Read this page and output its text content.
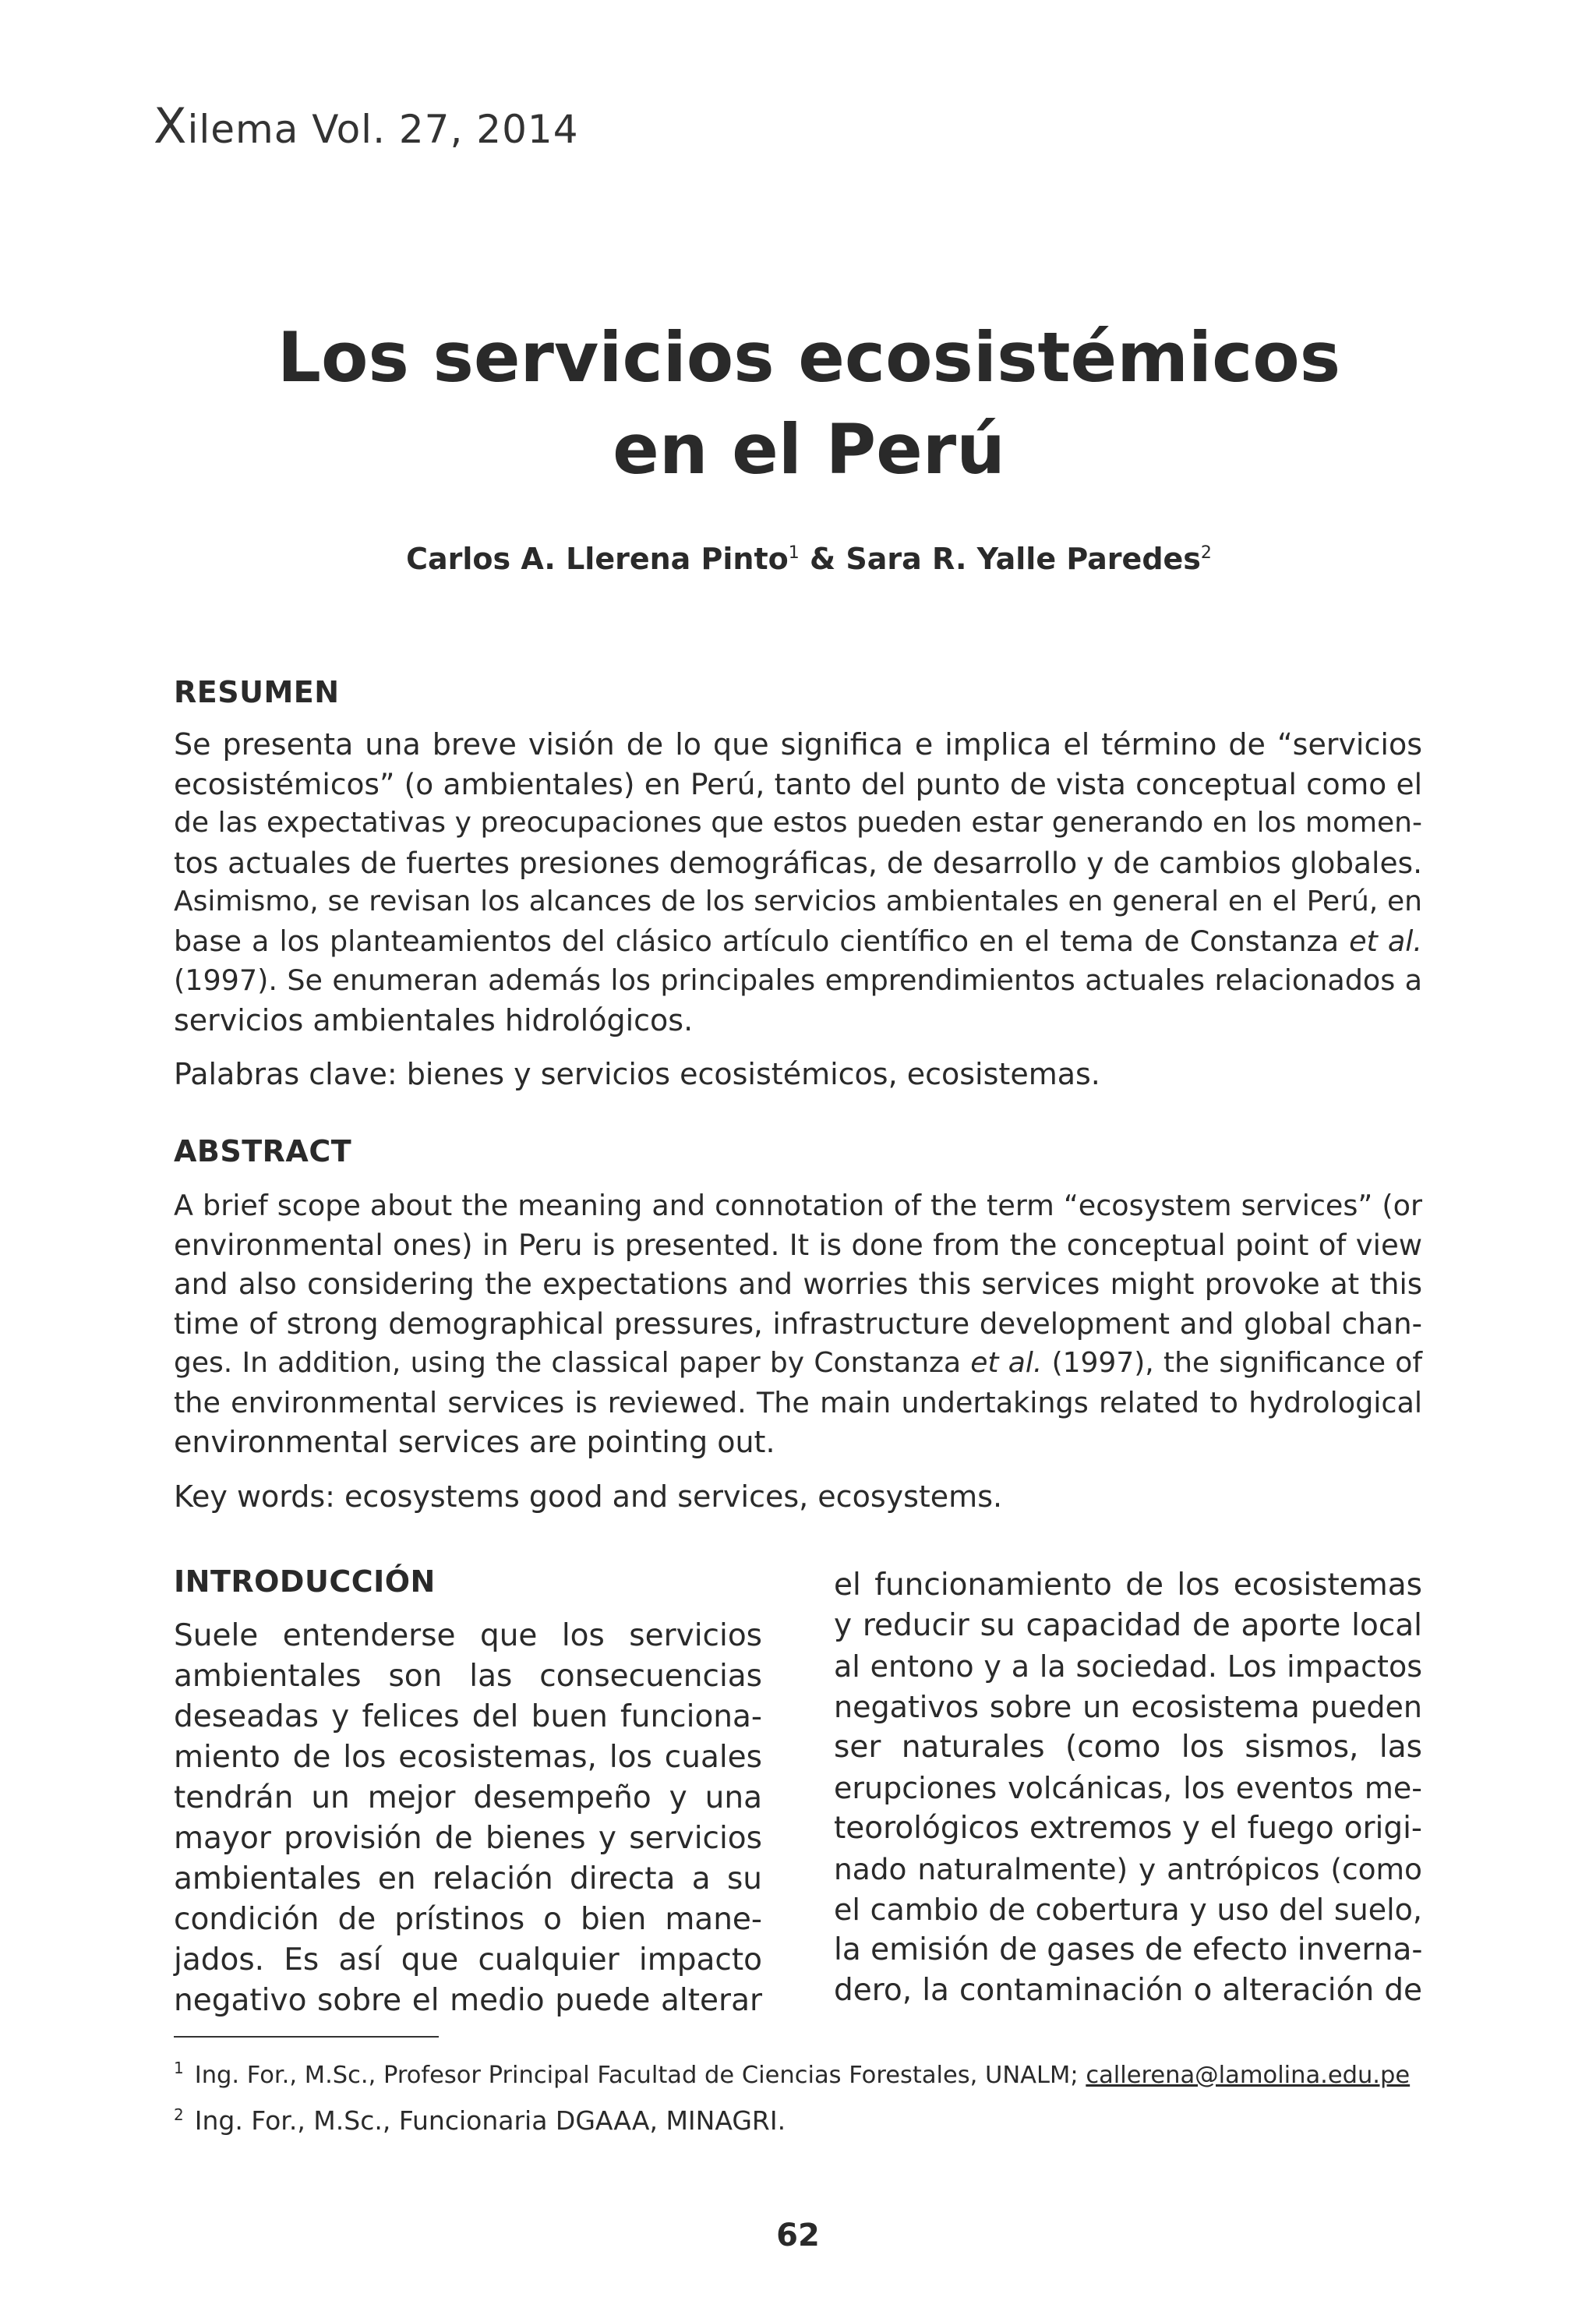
Xilema Vol. 27, 2014
Los servicios ecosistémicos
en el Perú
Carlos A. Llerena Pinto$^1$ & Sara R. Yalle Paredes$^2$
RESUMEN

Se presenta una breve visión de lo que significa e implica el término de “servicios
ecosistémicos” (o ambientales) en Perú, tanto del punto de vista conceptual como el
de las expectativas y preocupaciones que estos pueden estar generando en los momen-
tos actuales de fuertes presiones demográficas, de desarrollo y de cambios globales.
Asimismo, se revisan los alcances de los servicios ambientales en general en el Perú, en
base a los planteamientos del clásico artículo científico en el tema de Constanza et al.
(1997). Se enumeran además los principales emprendimientos actuales relacionados a
servicios ambientales hidrológicos.

Palabras clave: bienes y servicios ecosistémicos, ecosistemas.
ABSTRACT

A brief scope about the meaning and connotation of the term “ecosystem services” (or
environmental ones) in Peru is presented. It is done from the conceptual point of view
and also considering the expectations and worries this services might provoke at this
time of strong demographical pressures, infrastructure development and global chan-
ges. In addition, using the classical paper by Constanza et al. (1997), the significance of
the environmental services is reviewed. The main undertakings related to hydrological
environmental services are pointing out.

Key words: ecosystems good and services, ecosystems.
INTRODUCCIÓN

Suele entenderse que los servicios
ambientales son las consecuencias
deseadas y felices del buen funciona-
miento de los ecosistemas, los cuales
tendrán un mejor desempeño y una
mayor provisión de bienes y servicios
ambientales en relación directa a su
condición de prístinos o bien mane-
jados. Es así que cualquier impacto
negativo sobre el medio puede alterar

el funcionamiento de los ecosistemas
y reducir su capacidad de aporte local
al entono y a la sociedad. Los impactos
negativos sobre un ecosistema pueden
ser naturales (como los sismos, las
erupciones volcánicas, los eventos me-
teorológicos extremos y el fuego origi-
nado naturalmente) y antrópicos (como
el cambio de cobertura y uso del suelo,
la emisión de gases de efecto inverna-
dero, la contaminación o alteración de

$^1$ Ing. For., M.Sc., Profesor Principal Facultad de Ciencias Forestales, UNALM; callerena@lamolina.edu.pe
$^2$ Ing. For., M.Sc., Funcionaria DGAAA, MINAGRI.
62
